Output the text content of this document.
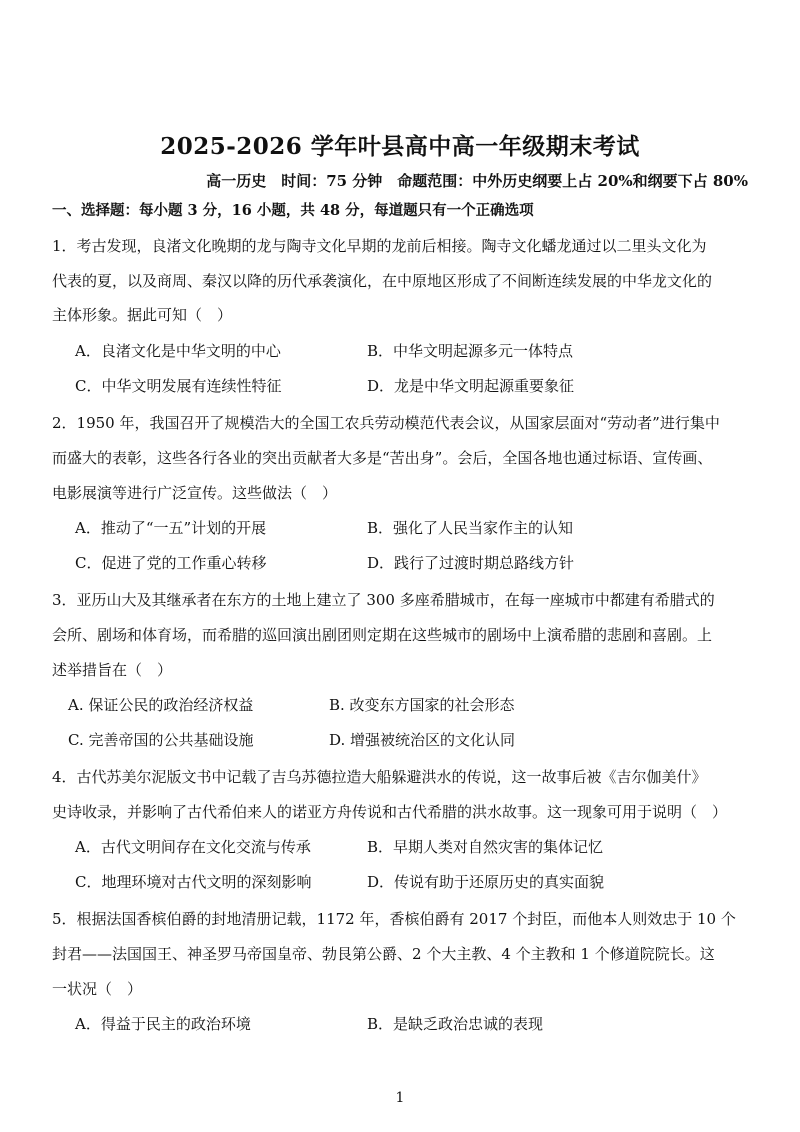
2025-2026 学年叶县高中高一年级期末考试
高一历史　时间：75 分钟　命题范围：中外历史纲要上占 20%和纲要下占 80%
一、选择题：每小题 3 分，16 小题，共 48 分，每道题只有一个正确选项
1．考古发现，良渚文化晚期的龙与陶寺文化早期的龙前后相接。陶寺文化蟠龙通过以二里头文化为
代表的夏，以及商周、秦汉以降的历代承袭演化，在中原地区形成了不间断连续发展的中华龙文化的
主体形象。据此可知（　）
A．良渚文化是中华文明的中心	B．中华文明起源多元一体特点
C．中华文明发展有连续性特征	D．龙是中华文明起源重要象征
2．1950 年，我国召开了规模浩大的全国工农兵劳动模范代表会议，从国家层面对“劳动者”进行集中
而盛大的表彰，这些各行各业的突出贡献者大多是“苦出身”。会后，全国各地也通过标语、宣传画、
电影展演等进行广泛宣传。这些做法（　）
A．推动了“一五”计划的开展	B．强化了人民当家作主的认知
C．促进了党的工作重心转移	D．践行了过渡时期总路线方针
3．亚历山大及其继承者在东方的土地上建立了 300 多座希腊城市，在每一座城市中都建有希腊式的
会所、剧场和体育场，而希腊的巡回演出剧团则定期在这些城市的剧场中上演希腊的悲剧和喜剧。上
述举措旨在（　）
A. 保证公民的政治经济权益	B. 改变东方国家的社会形态
C. 完善帝国的公共基础设施	D. 增强被统治区的文化认同
4．古代苏美尔泥版文书中记载了吉乌苏德拉造大船躲避洪水的传说，这一故事后被《吉尔伽美什》
史诗收录，并影响了古代希伯来人的诺亚方舟传说和古代希腊的洪水故事。这一现象可用于说明（　）
A．古代文明间存在文化交流与传承	B．早期人类对自然灾害的集体记忆
C．地理环境对古代文明的深刻影响	D．传说有助于还原历史的真实面貌
5．根据法国香槟伯爵的封地清册记载，1172 年，香槟伯爵有 2017 个封臣，而他本人则效忠于 10 个
封君——法国国王、神圣罗马帝国皇帝、勃艮第公爵、2 个大主教、4 个主教和 1 个修道院院长。这
一状况（　）
A．得益于民主的政治环境	B．是缺乏政治忠诚的表现
1
